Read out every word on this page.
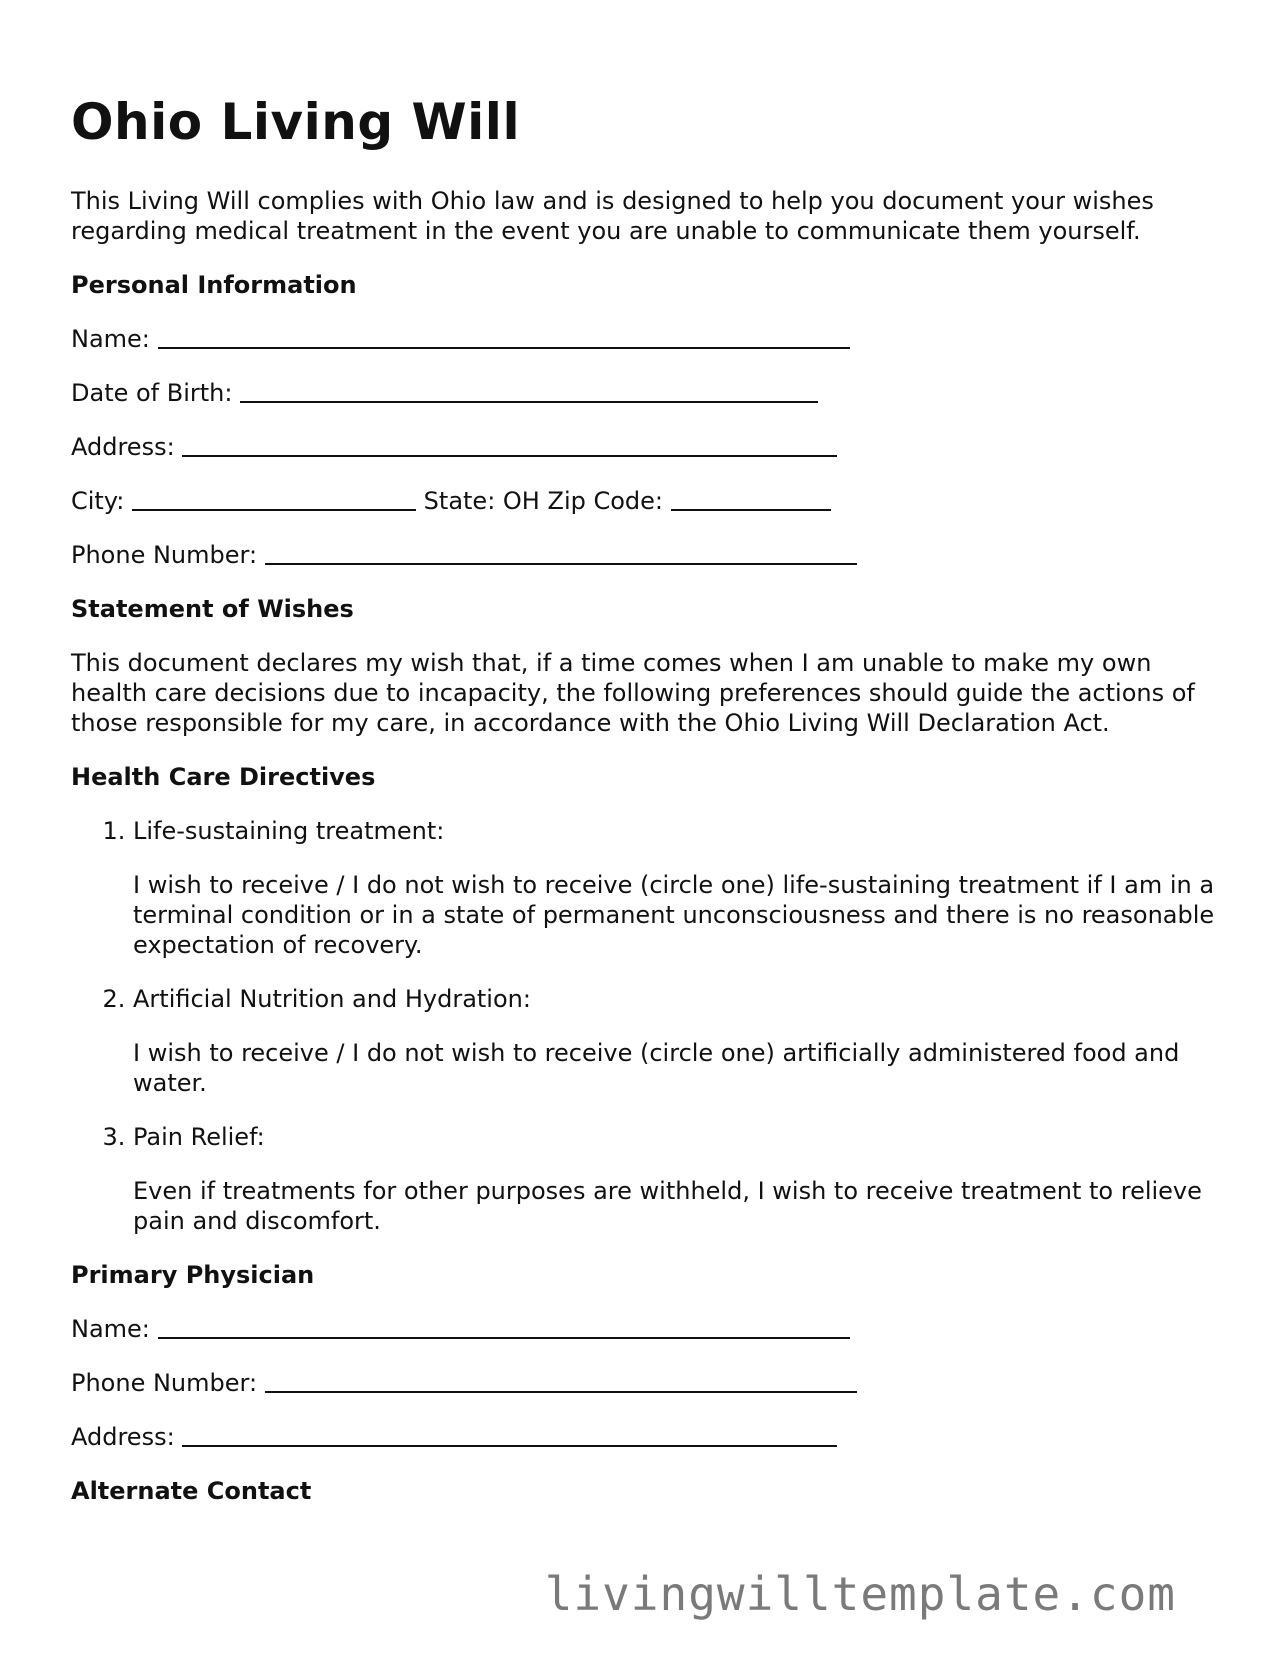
Ohio Living Will

This Living Will complies with Ohio law and is designed to help you document your wishes regarding medical treatment in the event you are unable to communicate them yourself.

Personal Information
Name:
Date of Birth:
Address:
City:	State: OH Zip Code:
Phone Number:
Statement of Wishes

This document declares my wish that, if a time comes when I am unable to make my own health care decisions due to incapacity, the following preferences should guide the actions of those responsible for my care, in accordance with the Ohio Living Will Declaration Act.

Health Care Directives
1. Life-sustaining treatment:
I wish to receive / I do not wish to receive (circle one) life-sustaining treatment if I am in a terminal condition or in a state of permanent unconsciousness and there is no reasonable expectation of recovery.
2. Artificial Nutrition and Hydration:
I wish to receive / I do not wish to receive (circle one) artificially administered food and water.
3. Pain Relief:
Even if treatments for other purposes are withheld, I wish to receive treatment to relieve pain and discomfort.
Primary Physician
Name:
Phone Number:
Address:
Alternate Contact
livingwilltemplate.com
